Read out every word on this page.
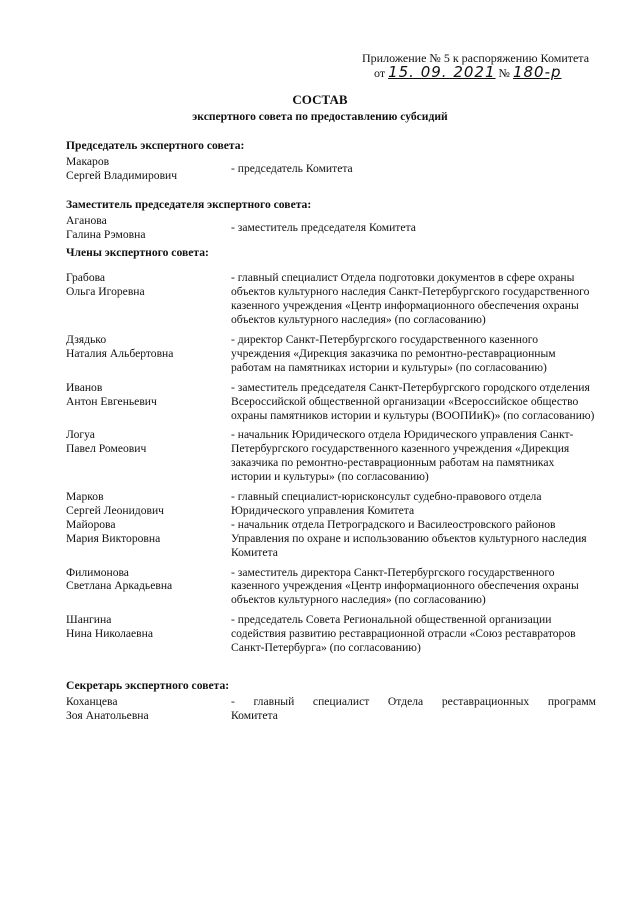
Приложение № 5 к распоряжению Комитета
от 15. 09. 2021 № 180-р
СОСТАВ
экспертного совета по предоставлению субсидий
Председатель экспертного совета:
Макаров
Сергей Владимирович
- председатель Комитета
Заместитель председателя экспертного совета:
Аганова
Галина Рэмовна
- заместитель председателя Комитета
Члены экспертного совета:
Грабова
Ольга Игоревна
- главный специалист Отдела подготовки документов в сфере охраны объектов культурного наследия Санкт-Петербургского государственного казенного учреждения «Центр информационного обеспечения охраны объектов культурного наследия» (по согласованию)
Дзядько
Наталия Альбертовна
- директор Санкт-Петербургского государственного казенного учреждения «Дирекция заказчика по ремонтно-реставрационным работам на памятниках истории и культуры» (по согласованию)
Иванов
Антон Евгеньевич
- заместитель председателя Санкт-Петербургского городского отделения Всероссийской общественной организации «Всероссийское общество охраны памятников истории и культуры (ВООПИиК)» (по согласованию)
Логуа
Павел Ромеович
- начальник Юридического отдела Юридического управления Санкт-Петербургского государственного казенного учреждения «Дирекция заказчика по ремонтно-реставрационным работам на памятниках истории и культуры» (по согласованию)
Марков
Сергей Леонидович
- главный специалист-юрисконсульт судебно-правового отдела Юридического управления Комитета
Майорова
Мария Викторовна
- начальник отдела Петроградского и Василеостровского районов Управления по охране и использованию объектов культурного наследия Комитета
Филимонова
Светлана Аркадьевна
- заместитель директора Санкт-Петербургского государственного казенного учреждения «Центр информационного обеспечения охраны объектов культурного наследия» (по согласованию)
Шангина
Нина Николаевна
- председатель Совета Региональной общественной организации содействия развитию реставрационной отрасли «Союз реставраторов Санкт-Петербурга» (по согласованию)
Секретарь экспертного совета:
Коханцева
Зоя Анатольевна
- главный специалист Отдела реставрационных программ
Комитета
